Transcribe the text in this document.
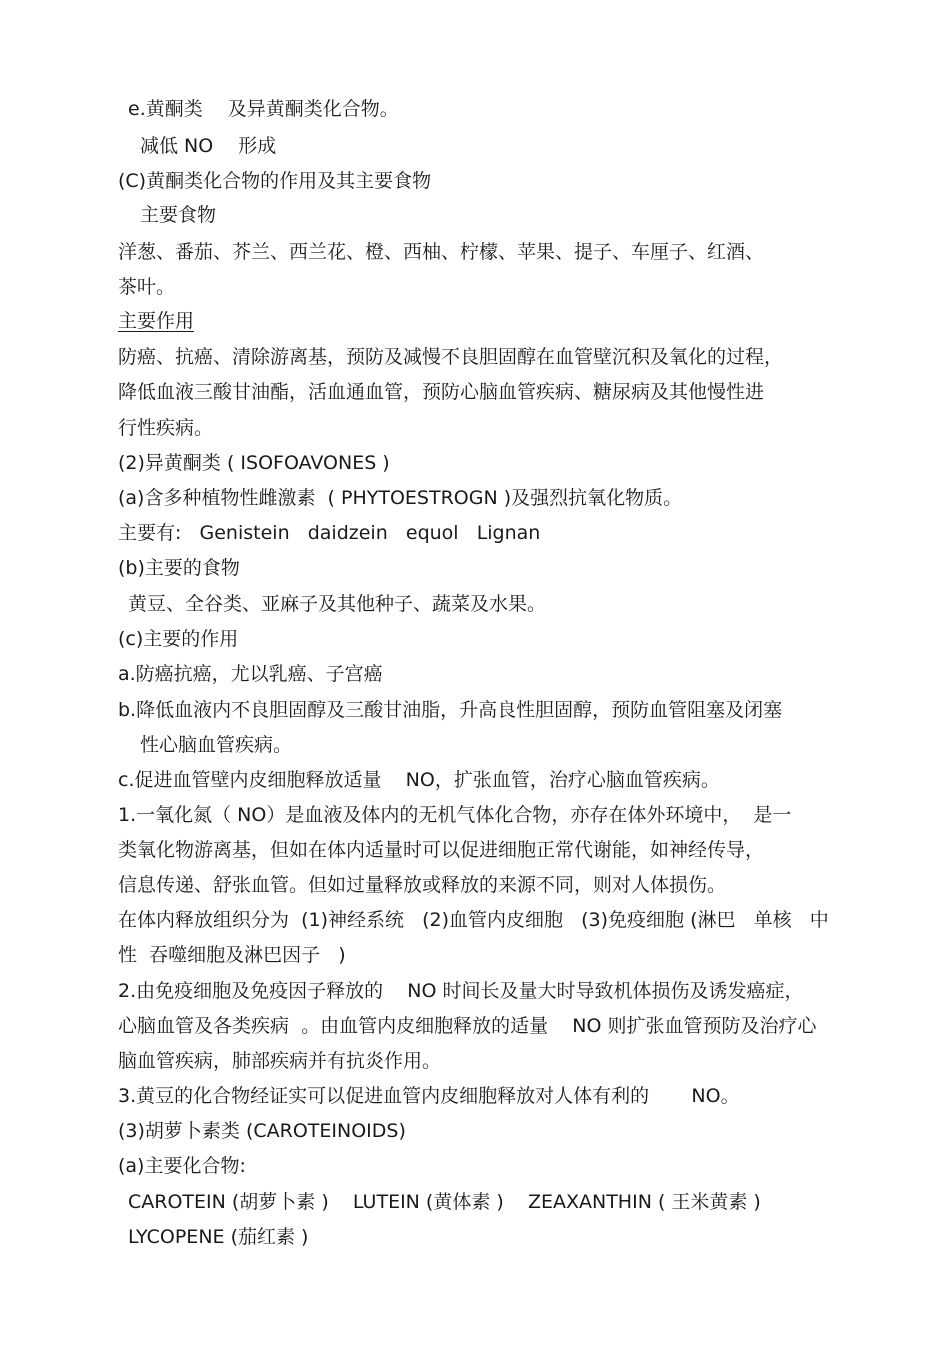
e.黄酮类　 及异黄酮类化合物。
减低 NO　 形成
(C)黄酮类化合物的作用及其主要食物
主要食物
洋葱、番茄、芥兰、西兰花、橙、西柚、柠檬、苹果、提子、车厘子、红酒、
茶叶。
主要作用
防癌、抗癌、清除游离基，预防及减慢不良胆固醇在血管壁沉积及氧化的过程，
降低血液三酸甘油酯，活血通血管，预防心脑血管疾病、糖尿病及其他慢性进
行性疾病。
(2)异黄酮类 ( ISOFOAVONES )
(a)含多种植物性雌激素  ( PHYTOESTROGN )及强烈抗氧化物质。
主要有:   Genistein   daidzein   equol   Lignan
(b)主要的食物
黄豆、全谷类、亚麻子及其他种子、蔬菜及水果。
(c)主要的作用
a.防癌抗癌，尤以乳癌、子宫癌
b.降低血液内不良胆固醇及三酸甘油脂，升高良性胆固醇，预防血管阻塞及闭塞
性心脑血管疾病。
c.促进血管壁内皮细胞释放适量    NO，扩张血管，治疗心脑血管疾病。
1.一氧化氮（ NO）是血液及体内的无机气体化合物，亦存在体外环境中，  是一
类氧化物游离基，但如在体内适量时可以促进细胞正常代谢能，如神经传导，
信息传递、舒张血管。但如过量释放或释放的来源不同，则对人体损伤。
在体内释放组织分为  (1)神经系统   (2)血管内皮细胞   (3)免疫细胞 (淋巴   单核   中
性  吞噬细胞及淋巴因子   )
2.由免疫细胞及免疫因子释放的    NO 时间长及量大时导致机体损伤及诱发癌症，
心脑血管及各类疾病  。由血管内皮细胞释放的适量    NO 则扩张血管预防及治疗心
脑血管疾病，肺部疾病并有抗炎作用。
3.黄豆的化合物经证实可以促进血管内皮细胞释放对人体有利的       NO。
(3)胡萝卜素类 (CAROTEINOIDS)
(a)主要化合物:
CAROTEIN (胡萝卜素 )    LUTEIN (黄体素 )    ZEAXANTHIN ( 王米黄素 )
LYCOPENE (茄红素 )
